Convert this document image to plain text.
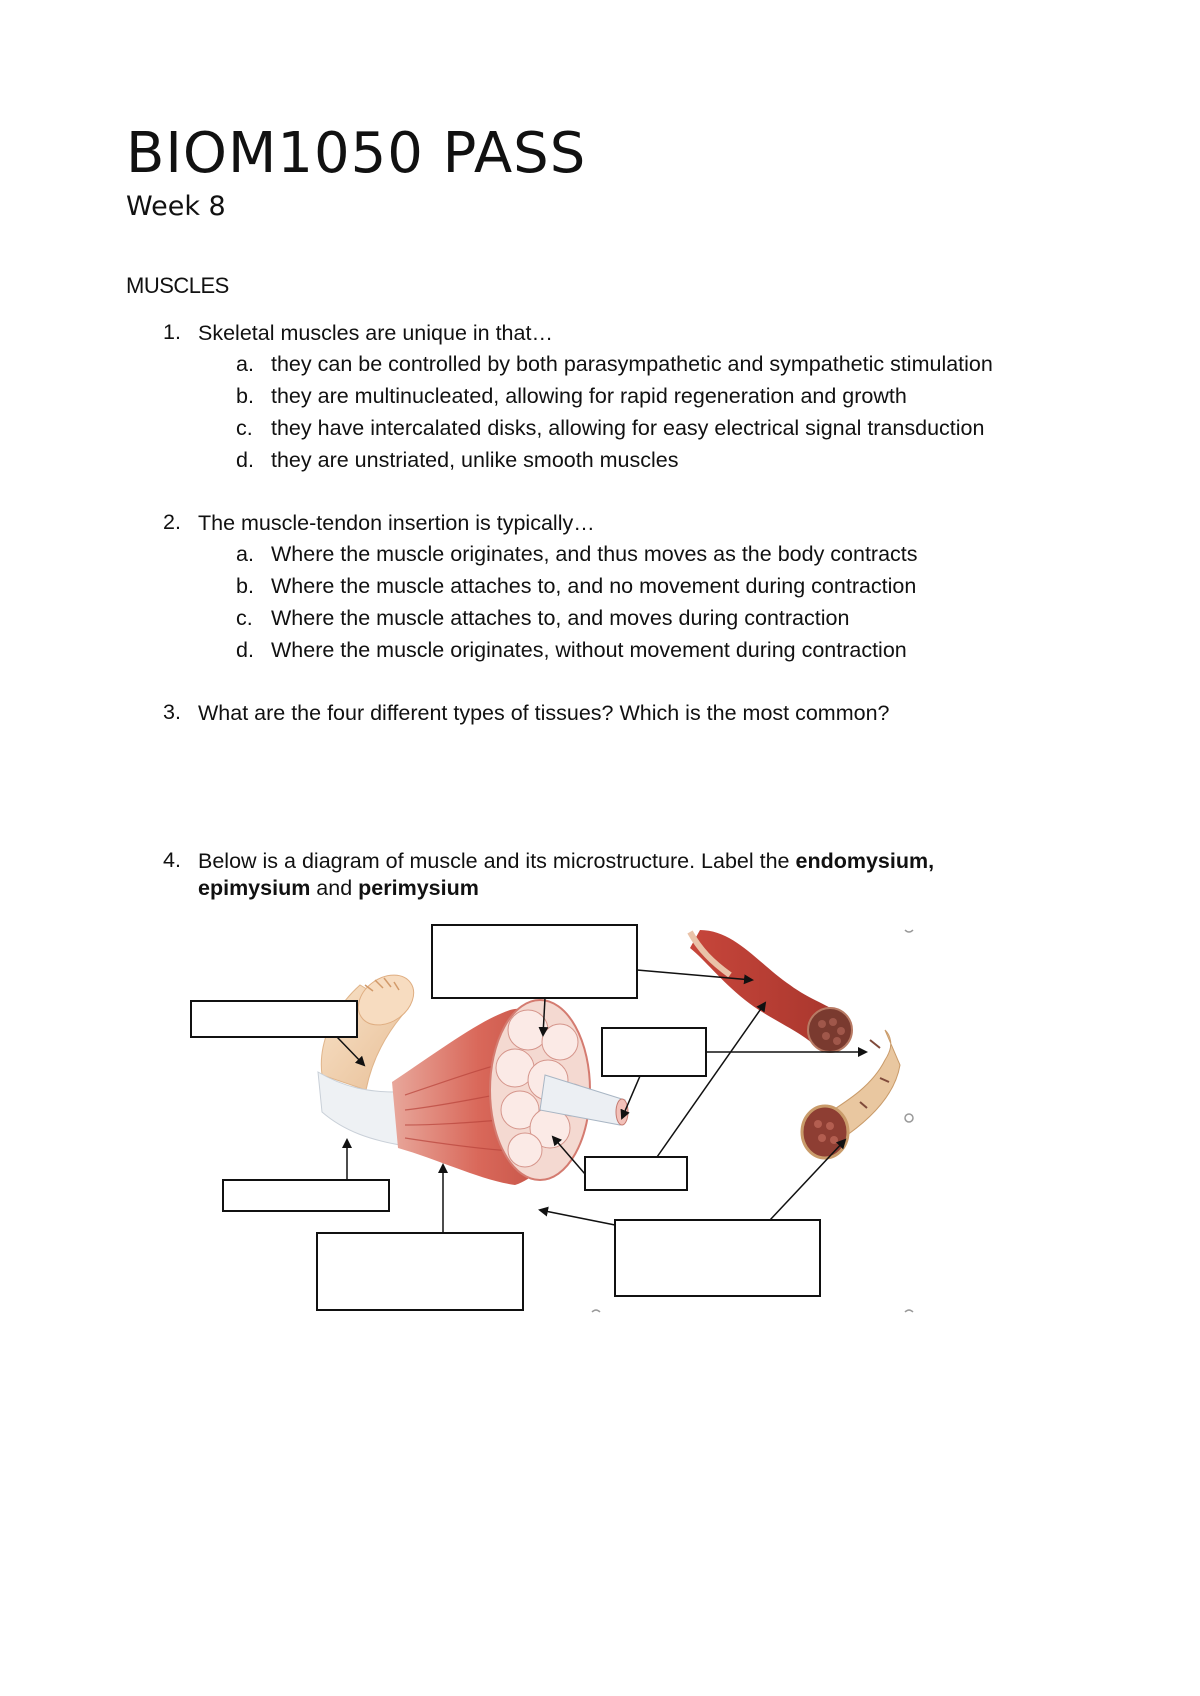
BIOM1050 PASS

Week 8

MUSCLES

1. Skeletal muscles are unique in that…
a. they can be controlled by both parasympathetic and sympathetic stimulation
b. they are multinucleated, allowing for rapid regeneration and growth
c. they have intercalated disks, allowing for easy electrical signal transduction
d. they are unstriated, unlike smooth muscles
2. The muscle-tendon insertion is typically…
a. Where the muscle originates, and thus moves as the body contracts
b. Where the muscle attaches to, and no movement during contraction
c. Where the muscle attaches to, and moves during contraction
d. Where the muscle originates, without movement during contraction
3. What are the four different types of tissues? Which is the most common?
4. Below is a diagram of muscle and its microstructure. Label the endomysium,
epimysium and perimysium
